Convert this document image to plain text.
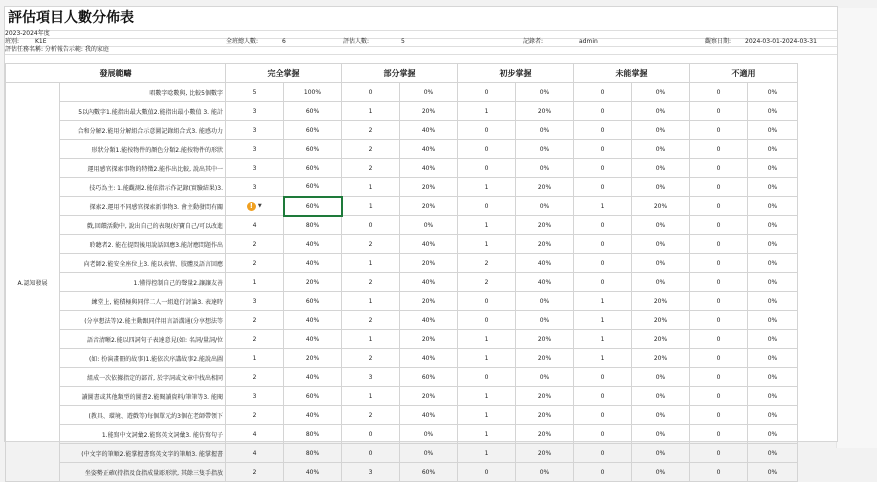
評估項目人數分佈表
2023-2024年度
班別:	K1E	全班總人數:	6	評估人數:	5	記錄者:	admin	觀察日期: 2024-03-01-2024-03-31
評估任務名稱: 分析報告示範: 我的家庭
發展範疇		完全掌握		部分掌握		初步掌握		未能掌握		不適用	
A.認知發展	唱數字唸數與, 比較5個數字	5	100%	0	0%	0	0%	0	0%	0	0%
	5以內數字1.能指出最大數值2.能指出最小數值 3. 能計	3	60%	1	20%	1	20%	0	0%	0	0%
	合和分解2.能用分解組合示意圖記錄組合式3. 能感功力	3	60%	2	40%	0	0%	0	0%	0	0%
	形狀分類1.能按物件的顏色分類2.能按物件的形狀	3	60%	2	40%	0	0%	0	0%	0	0%
	運用感官探索事物的特徵2.能作出比較, 說出其中一	3	60%	2	40%	0	0%	0	0%	0	0%
	技巧為主: 1.能觀測2.能依指示作記錄(實驗結果)3.	3	60%	1	20%	1	20%	0	0%	0	0%
	探索2.運用不同感官探索新事物3. 會主動發問有關	! ▼	60%	1	20%	0	0%	1	20%	0	0%
	戲,回饋活動中, 說出自己的表現(好寶自己/可以改進	4	80%	0	0%	1	20%	0	0%	0	0%
	聆聽者2. 能在提問後用說話回應3.能討應問題作出	2	40%	2	40%	1	20%	0	0%	0	0%
	向老師2.能安全座位上3. 能以表情、肢體及語言回應	2	40%	1	20%	2	40%	0	0%	0	0%
	1.懂得控制自己的聲量2.讓讓友善	1	20%	2	40%	2	40%	0	0%	0	0%
	練堂上, 能積極與同伴二人一組進行討論3. 表達時	3	60%	1	20%	0	0%	1	20%	0	0%
	(分享想法等)2.能主動跟同伴用言語溝通(分享想法等	2	40%	2	40%	0	0%	1	20%	0	0%
	語音清晰2.能以四詞句子表達意見(如: 名詞/量詞/位	2	40%	1	20%	1	20%	1	20%	0	0%
	(如: 扮演畫冊的故事)1.能依次序講故事2.能說出圖	1	20%	2	40%	1	20%	1	20%	0	0%
	組成一次依據指定的部首, 於字詞或文章中找出相同	2	40%	3	60%	0	0%	0	0%	0	0%
	讀圖書或其他類型的圖書2.能閱讀資料/筆筆等3. 能閱	3	60%	1	20%	1	20%	0	0%	0	0%
	(教具、環境、遊戲等)每個單元約3個在老師帶領下	2	40%	2	40%	1	20%	0	0%	0	0%
	1.能寫中文詞彙2.能寫英文詞彙3. 能仿寫句子	4	80%	0	0%	1	20%	0	0%	0	0%
	(中文字的筆順2.能掌握書寫英文字的筆順3. 能掌握書	4	80%	0	0%	1	20%	0	0%	0	0%
	坐姿勢正確(持指及食指成量彫形狀, 其餘三隻手指放	2	40%	3	60%	0	0%	0	0%	0	0%
